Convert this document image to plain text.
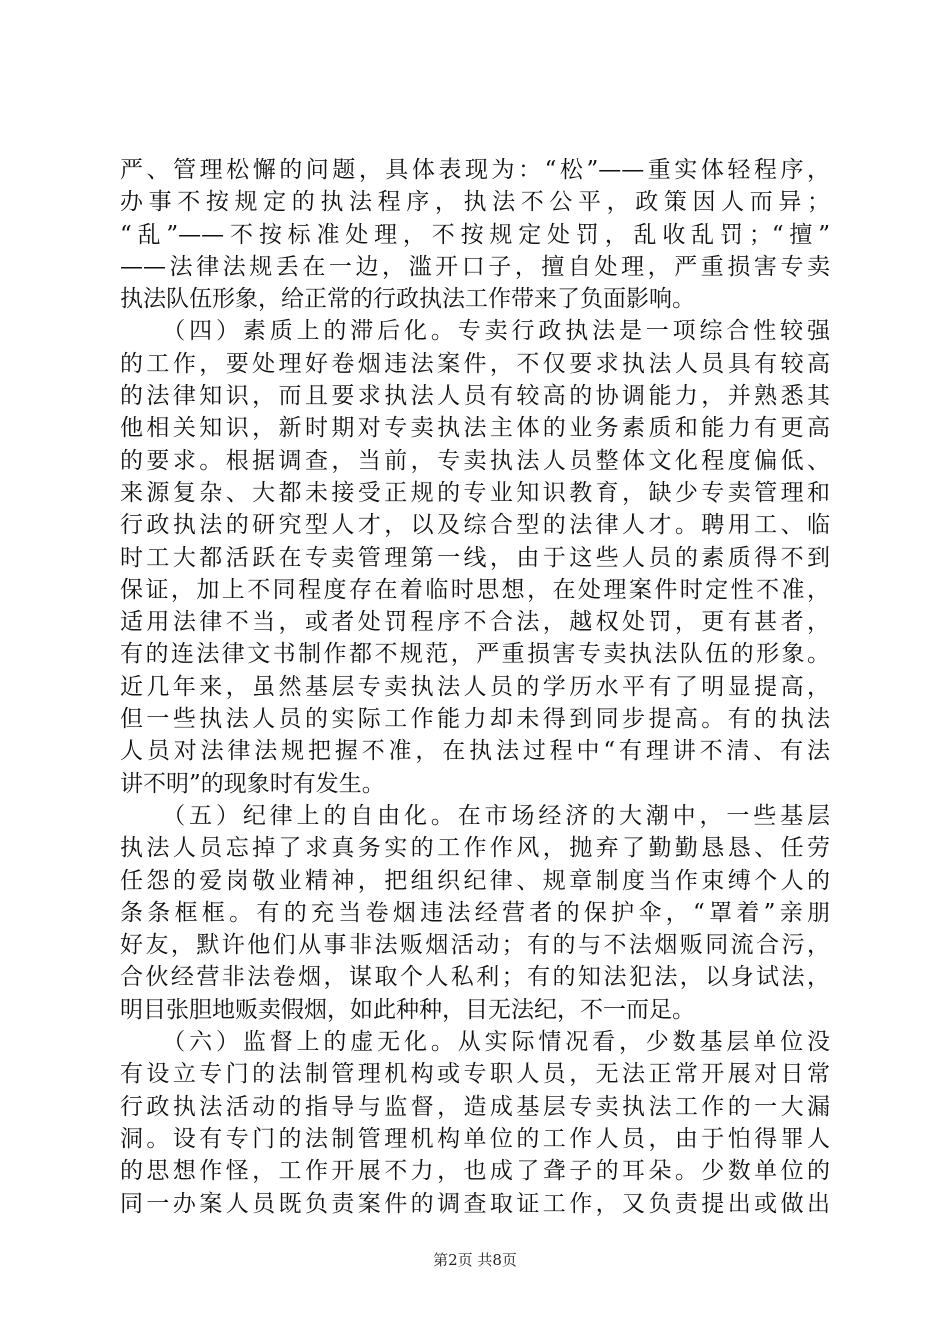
严、管理松懈的问题，具体表现为：“松”——重实体轻程序，
办事不按规定的执法程序，执法不公平，政策因人而异；
“乱”——不按标准处理，不按规定处罚，乱收乱罚；“擅”
——法律法规丢在一边，滥开口子，擅自处理，严重损害专卖
执法队伍形象，给正常的行政执法工作带来了负面影响。
　　（四）素质上的滞后化。专卖行政执法是一项综合性较强
的工作，要处理好卷烟违法案件，不仅要求执法人员具有较高
的法律知识，而且要求执法人员有较高的协调能力，并熟悉其
他相关知识，新时期对专卖执法主体的业务素质和能力有更高
的要求。根据调查，当前，专卖执法人员整体文化程度偏低、
来源复杂、大都未接受正规的专业知识教育，缺少专卖管理和
行政执法的研究型人才，以及综合型的法律人才。聘用工、临
时工大都活跃在专卖管理第一线，由于这些人员的素质得不到
保证，加上不同程度存在着临时思想，在处理案件时定性不准，
适用法律不当，或者处罚程序不合法，越权处罚，更有甚者，
有的连法律文书制作都不规范，严重损害专卖执法队伍的形象。
近几年来，虽然基层专卖执法人员的学历水平有了明显提高，
但一些执法人员的实际工作能力却未得到同步提高。有的执法
人员对法律法规把握不准，在执法过程中“有理讲不清、有法
讲不明”的现象时有发生。
　　（五）纪律上的自由化。在市场经济的大潮中，一些基层
执法人员忘掉了求真务实的工作作风，抛弃了勤勤恳恳、任劳
任怨的爱岗敬业精神，把组织纪律、规章制度当作束缚个人的
条条框框。有的充当卷烟违法经营者的保护伞，“罩着”亲朋
好友，默许他们从事非法贩烟活动；有的与不法烟贩同流合污，
合伙经营非法卷烟，谋取个人私利；有的知法犯法，以身试法，
明目张胆地贩卖假烟，如此种种，目无法纪，不一而足。
　　（六）监督上的虚无化。从实际情况看，少数基层单位没
有设立专门的法制管理机构或专职人员，无法正常开展对日常
行政执法活动的指导与监督，造成基层专卖执法工作的一大漏
洞。设有专门的法制管理机构单位的工作人员，由于怕得罪人
的思想作怪，工作开展不力，也成了聋子的耳朵。少数单位的
同一办案人员既负责案件的调查取证工作，又负责提出或做出
第2页 共8页
